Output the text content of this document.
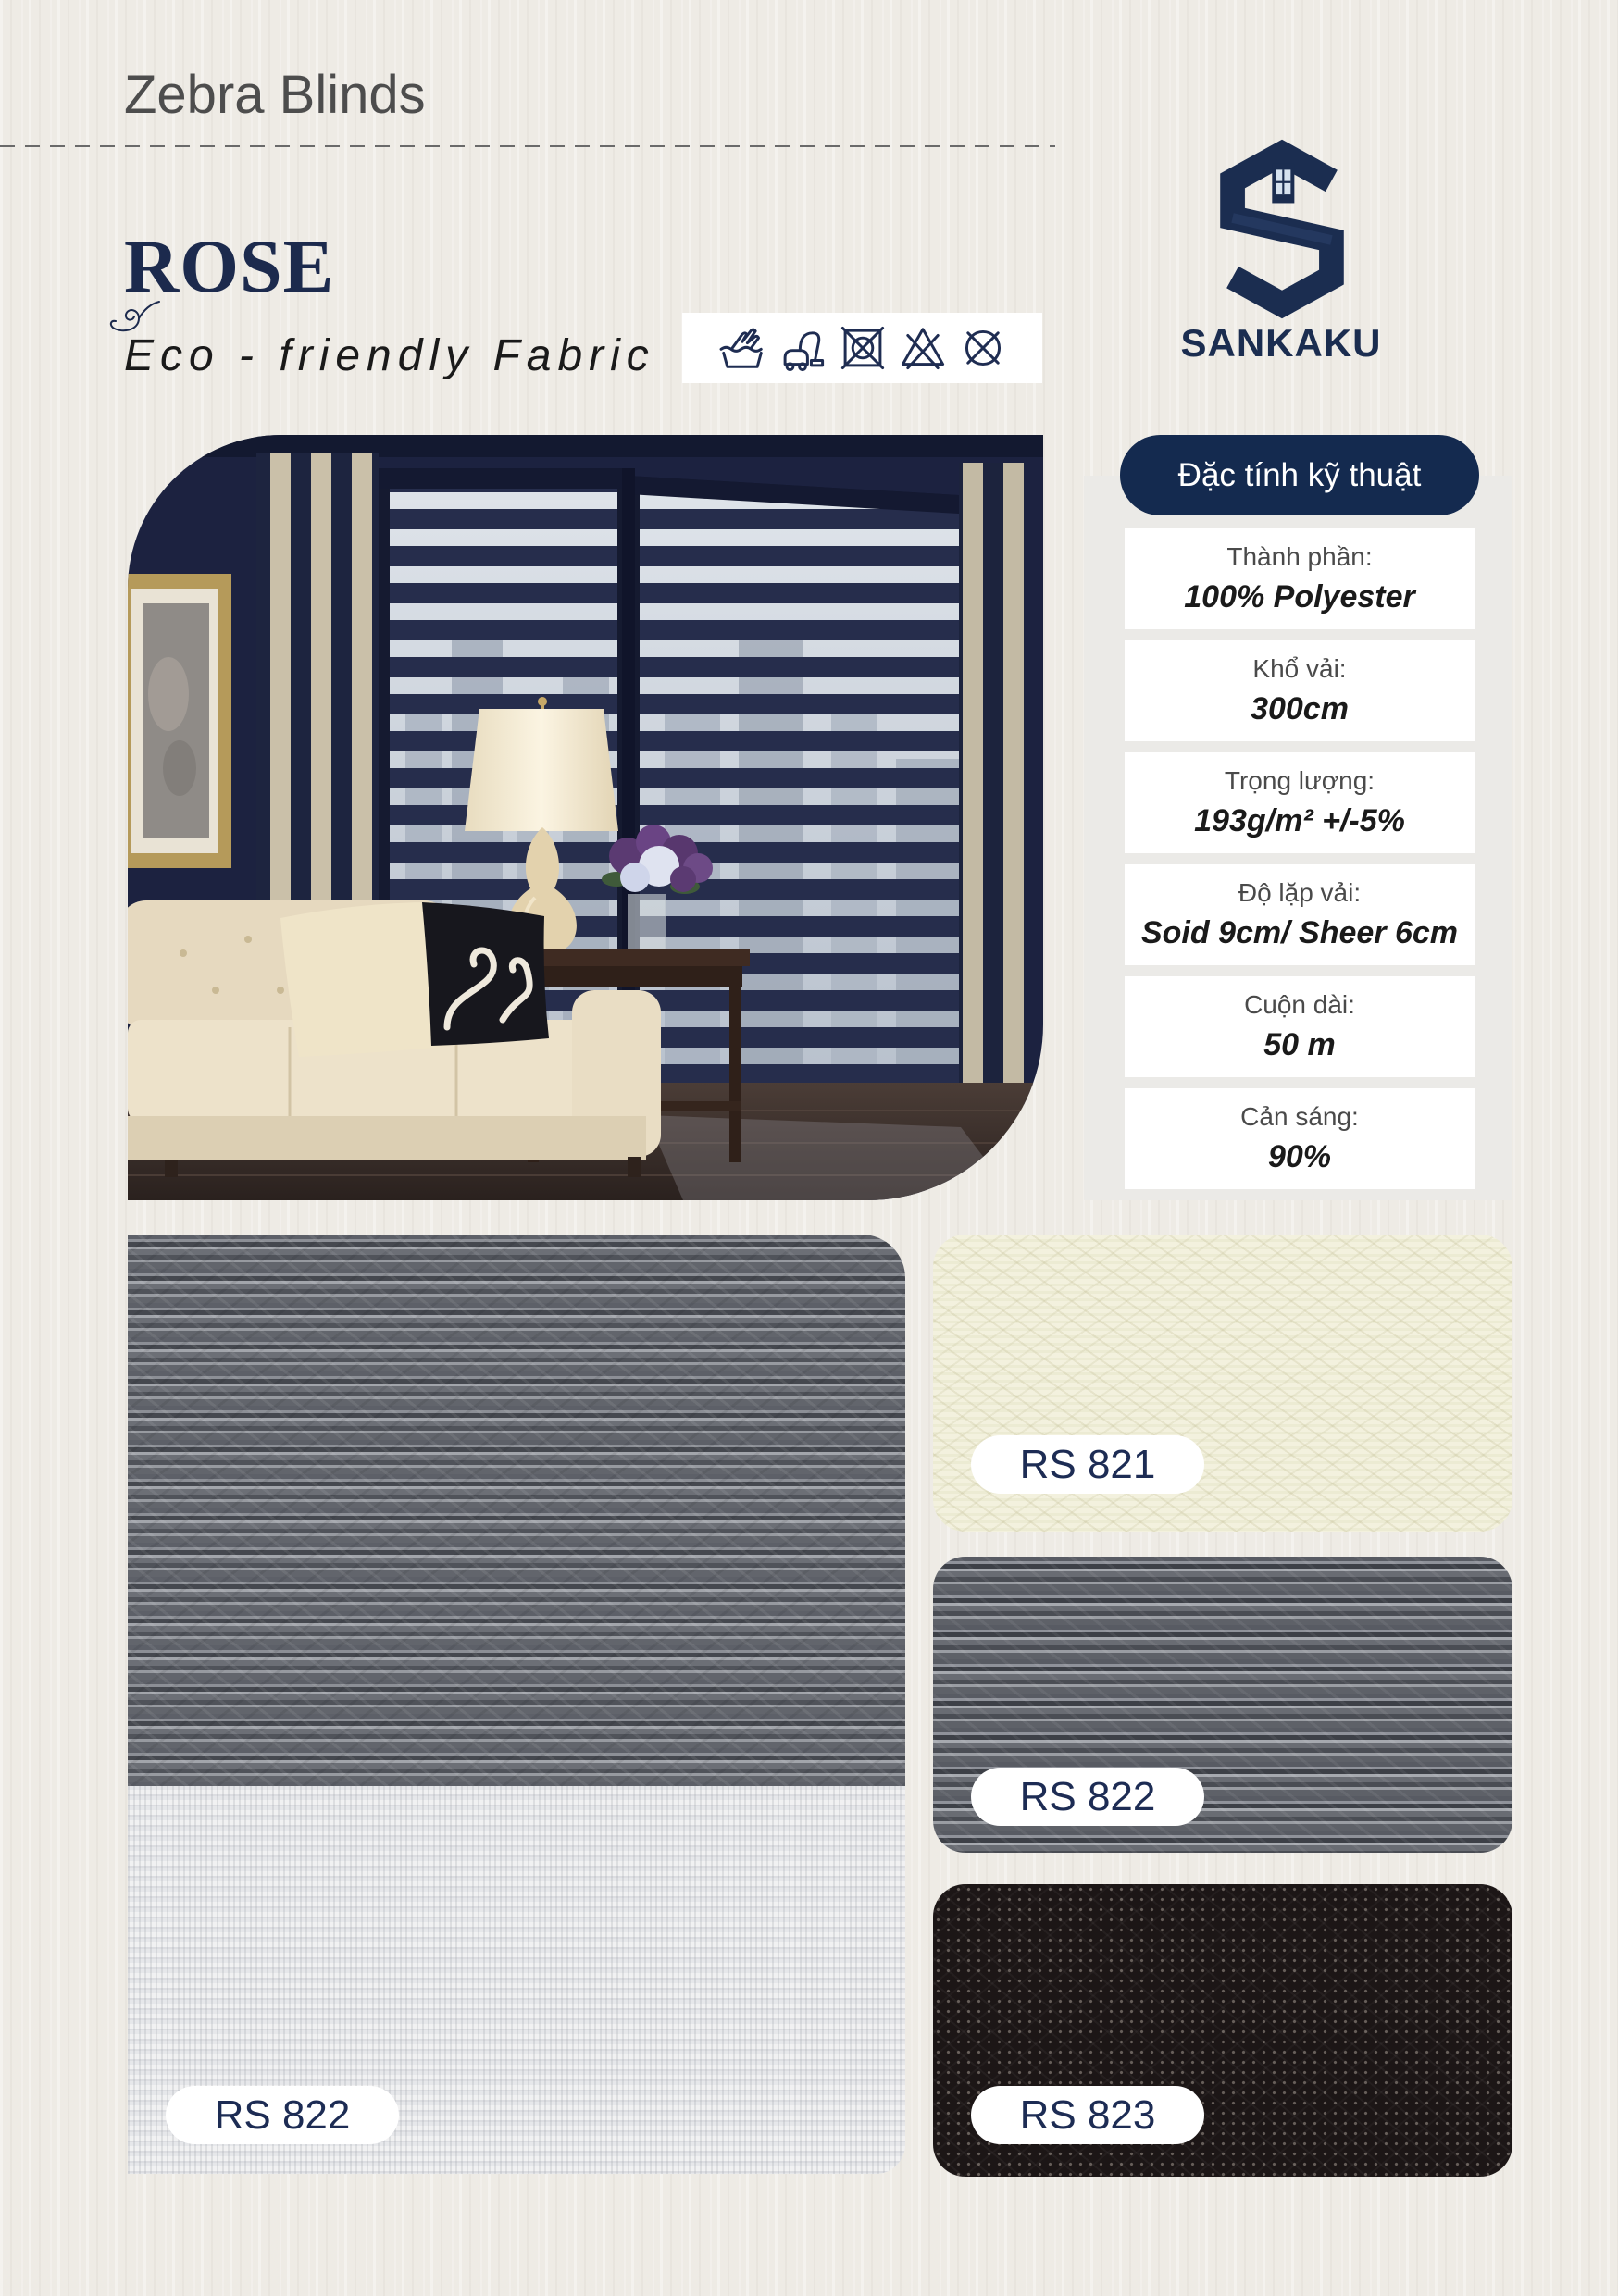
Zebra Blinds
ROSE
Eco - friendly Fabric	SANKAKU
Đặc tính kỹ thuật
Thành phần:
100% Polyester
Khổ vải:
300cm
Trọng lượng:
193g/m² +/-5%
Độ lặp vải:
Soid 9cm/ Sheer 6cm
Cuộn dài:
50 m
Cản sáng:
90%
RS 822
RS 821
RS 822
RS 823
